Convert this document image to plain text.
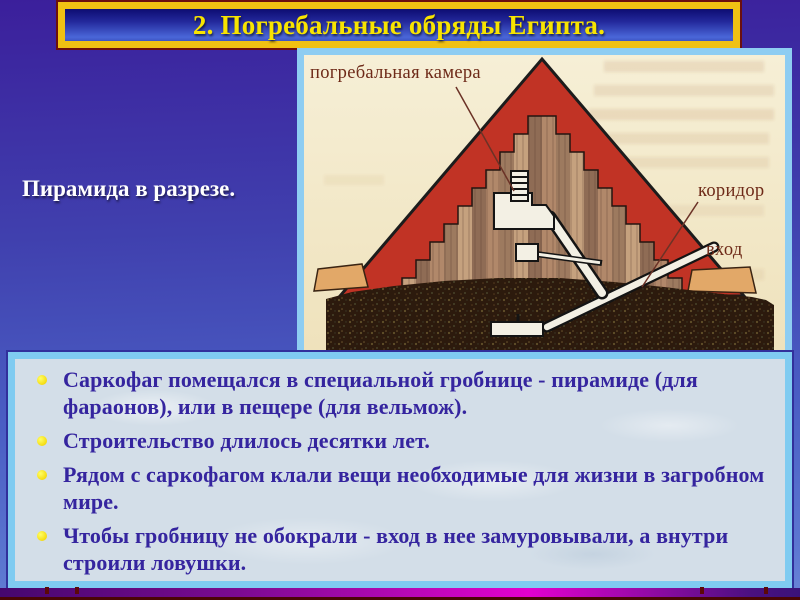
2. Погребальные обряды Египта.
Пирамида в разрезе.
погребальная камера
коридор
вход
Саркофаг помещался в специальной гробнице - пирамиде (для фараонов), или в пещере (для вельмож).
Строительство длилось десятки лет.
Рядом с саркофагом клали вещи необходимые для жизни в загробном мире.
Чтобы гробницу не обокрали - вход в нее замуровывали, а внутри строили ловушки.
